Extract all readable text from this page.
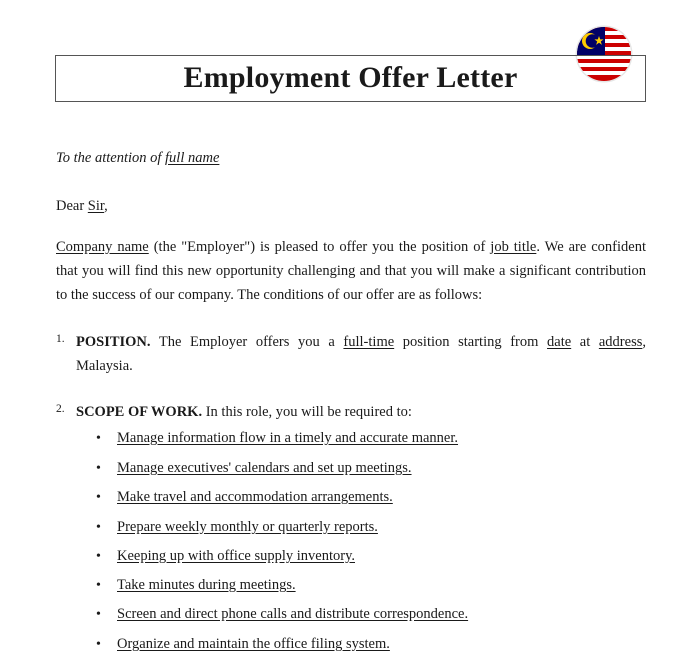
Employment Offer Letter
To the attention of full name
Dear Sir,
Company name (the "Employer") is pleased to offer you the position of job title. We are confident that you will find this new opportunity challenging and that you will make a significant contribution to the success of our company. The conditions of our offer are as follows:
1. POSITION. The Employer offers you a full-time position starting from date at address, Malaysia.
2. SCOPE OF WORK. In this role, you will be required to:
• Manage information flow in a timely and accurate manner.
• Manage executives' calendars and set up meetings.
• Make travel and accommodation arrangements.
• Prepare weekly monthly or quarterly reports.
• Keeping up with office supply inventory.
• Take minutes during meetings.
• Screen and direct phone calls and distribute correspondence.
• Organize and maintain the office filing system.
